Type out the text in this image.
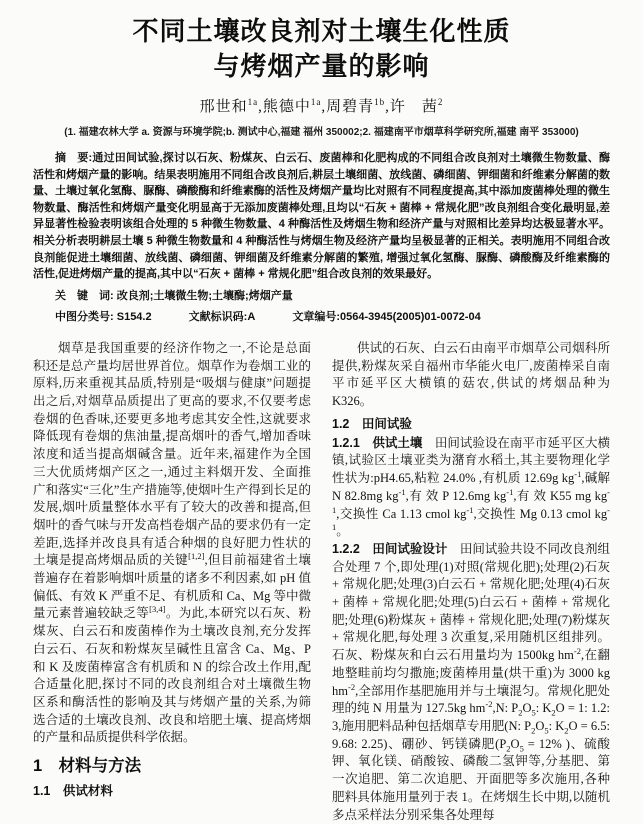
不同土壤改良剂对土壤生化性质
与烤烟产量的影响
邢世和$^{1a}$,熊德中$^{1a}$,周碧青$^{1b}$,许　茜$^2$
(1. 福建农林大学 a. 资源与环境学院;b. 测试中心,福建 福州 350002;2. 福建南平市烟草科学研究所,福建 南平 353000)

摘　要:通过田间试验,探讨以石灰、粉煤灰、白云石、废菌棒和化肥构成的不同组合改良剂对土壤微生物数量、酶活性和烤烟产量的影响。结果表明施用不同组合改良剂后,耕层土壤细菌、放线菌、磷细菌、钾细菌和纤维素分解菌的数量、土壤过氧化氢酶、脲酶、磷酸酶和纤维素酶的活性及烤烟产量均比对照有不同程度提高,其中添加废菌棒处理的微生物数量、酶活性和烤烟产量变化明显高于无添加废菌棒处理,且均以“石灰 + 菌棒 + 常规化肥”改良剂组合变化最明显,差异显著性检验表明该组合处理的 5 种微生物数量、4 种酶活性及烤烟生物和经济产量与对照相比差异均达极显著水平。相关分析表明耕层土壤 5 种微生物数量和 4 种酶活性与烤烟生物及经济产量均呈极显著的正相关。表明施用不同组合改良剂能促进土壤细菌、放线菌、磷细菌、钾细菌及纤维素分解菌的繁殖, 增强过氧化氢酶、脲酶、磷酸酶及纤维素酶的活性,促进烤烟产量的提高,其中以“石灰 + 菌棒 + 常规化肥”组合改良剂的效果最好。

关　键　词: 改良剂;土壤微生物;土壤酶;烤烟产量

中图分类号: S154.2	文献标识码:A	文章编号:0564-3945(2005)01-0072-04

烟草是我国重要的经济作物之一,不论是总面积还是总产量均居世界首位。烟草作为卷烟工业的原料,历来重视其品质,特别是“吸烟与健康”问题提出之后,对烟草品质提出了更高的要求,不仅要考虑卷烟的色香味,还要更多地考虑其安全性,这就要求降低现有卷烟的焦油量,提高烟叶的香气,增加香味浓度和适当提高烟碱含量。近年来,福建作为全国三大优质烤烟产区之一,通过主料烟开发、全面推广和落实“三化”生产措施等,使烟叶生产得到长足的发展,烟叶质量整体水平有了较大的改善和提高,但烟叶的香气味与开发高档卷烟产品的要求仍有一定差距,选择并改良具有适合种烟的良好肥力性状的土壤是提高烤烟品质的关键[1,2],但目前福建省土壤普遍存在着影响烟叶质量的诸多不利因素,如 pH 值偏低、有效 K 严重不足、有机质和 Ca、Mg 等中微量元素普遍较缺乏等[3,4]。为此,本研究以石灰、粉煤灰、白云石和废菌棒作为土壤改良剂,充分发挥白云石、石灰和粉煤灰呈碱性且富含 Ca、Mg、P 和 K 及废菌棒富含有机质和 N 的综合改土作用,配合适量化肥,探讨不同的改良剂组合对土壤微生物区系和酶活性的影响及其与烤烟产量的关系,为筛选合适的土壤改良剂、改良和培肥土壤、提高烤烟的产量和品质提供科学依据。

1　材料与方法
1.1　供试材料

供试的石灰、白云石由南平市烟草公司烟科所提供,粉煤灰采自福州市华能火电厂,废菌棒采自南平市延平区大横镇的菇农,供试的烤烟品种为 K326。

1.2　田间试验

1.2.1　供试土壤　田间试验设在南平市延平区大横镇,试验区土壤亚类为潴育水稻土,其主要物理化学性状为:pH4.65,粘粒 24.0% ,有机质 12.69g $kg^{-1}$,碱解 N 82.8mg $kg^{-1}$,有 效 P 12.6mg $kg^{-1}$,有 效 K55 mg $kg^{-1}$,交换性 Ca 1.13 cmol $kg^{-1}$,交换性 Mg 0.13 cmol $kg^{-1}$。

1.2.2　田间试验设计　田间试验共设不同改良剂组合处理 7 个,即处理(1)对照(常规化肥);处理(2)石灰 + 常规化肥;处理(3)白云石 + 常规化肥;处理(4)石灰 + 菌棒 + 常规化肥;处理(5)白云石 + 菌棒 + 常规化肥;处理(6)粉煤灰 + 菌棒 + 常规化肥;处理(7)粉煤灰 + 常规化肥,每处理 3 次重复,采用随机区组排列。石灰、粉煤灰和白云石用量均为 1500kg $hm^{-2}$,在翻地整畦前均匀撒施;废菌棒用量(烘干重)为 3000 kg $hm^{-2}$,全部用作基肥施用并与土壤混匀。常规化肥处理的纯 N 用量为 127.5kg $hm^{-2},N$: $P_2O_5$: $K_2O = 1$: 1.2: 3,施用肥料品种包括烟草专用肥(N: $P_2O_5$: $K_2O = 6.5$: 9.68: 2.25)、硼砂、钙镁磷肥($P_2O_5 = 12\%$ )、硫酸钾、氧化镁、硝酸铵、磷酸二氢钾等,分基肥、第一次追肥、第二次追肥、开面肥等多次施用,各种肥料具体施用量列于表 1。在烤烟生长中期,以随机多点采样法分别采集各处理每
